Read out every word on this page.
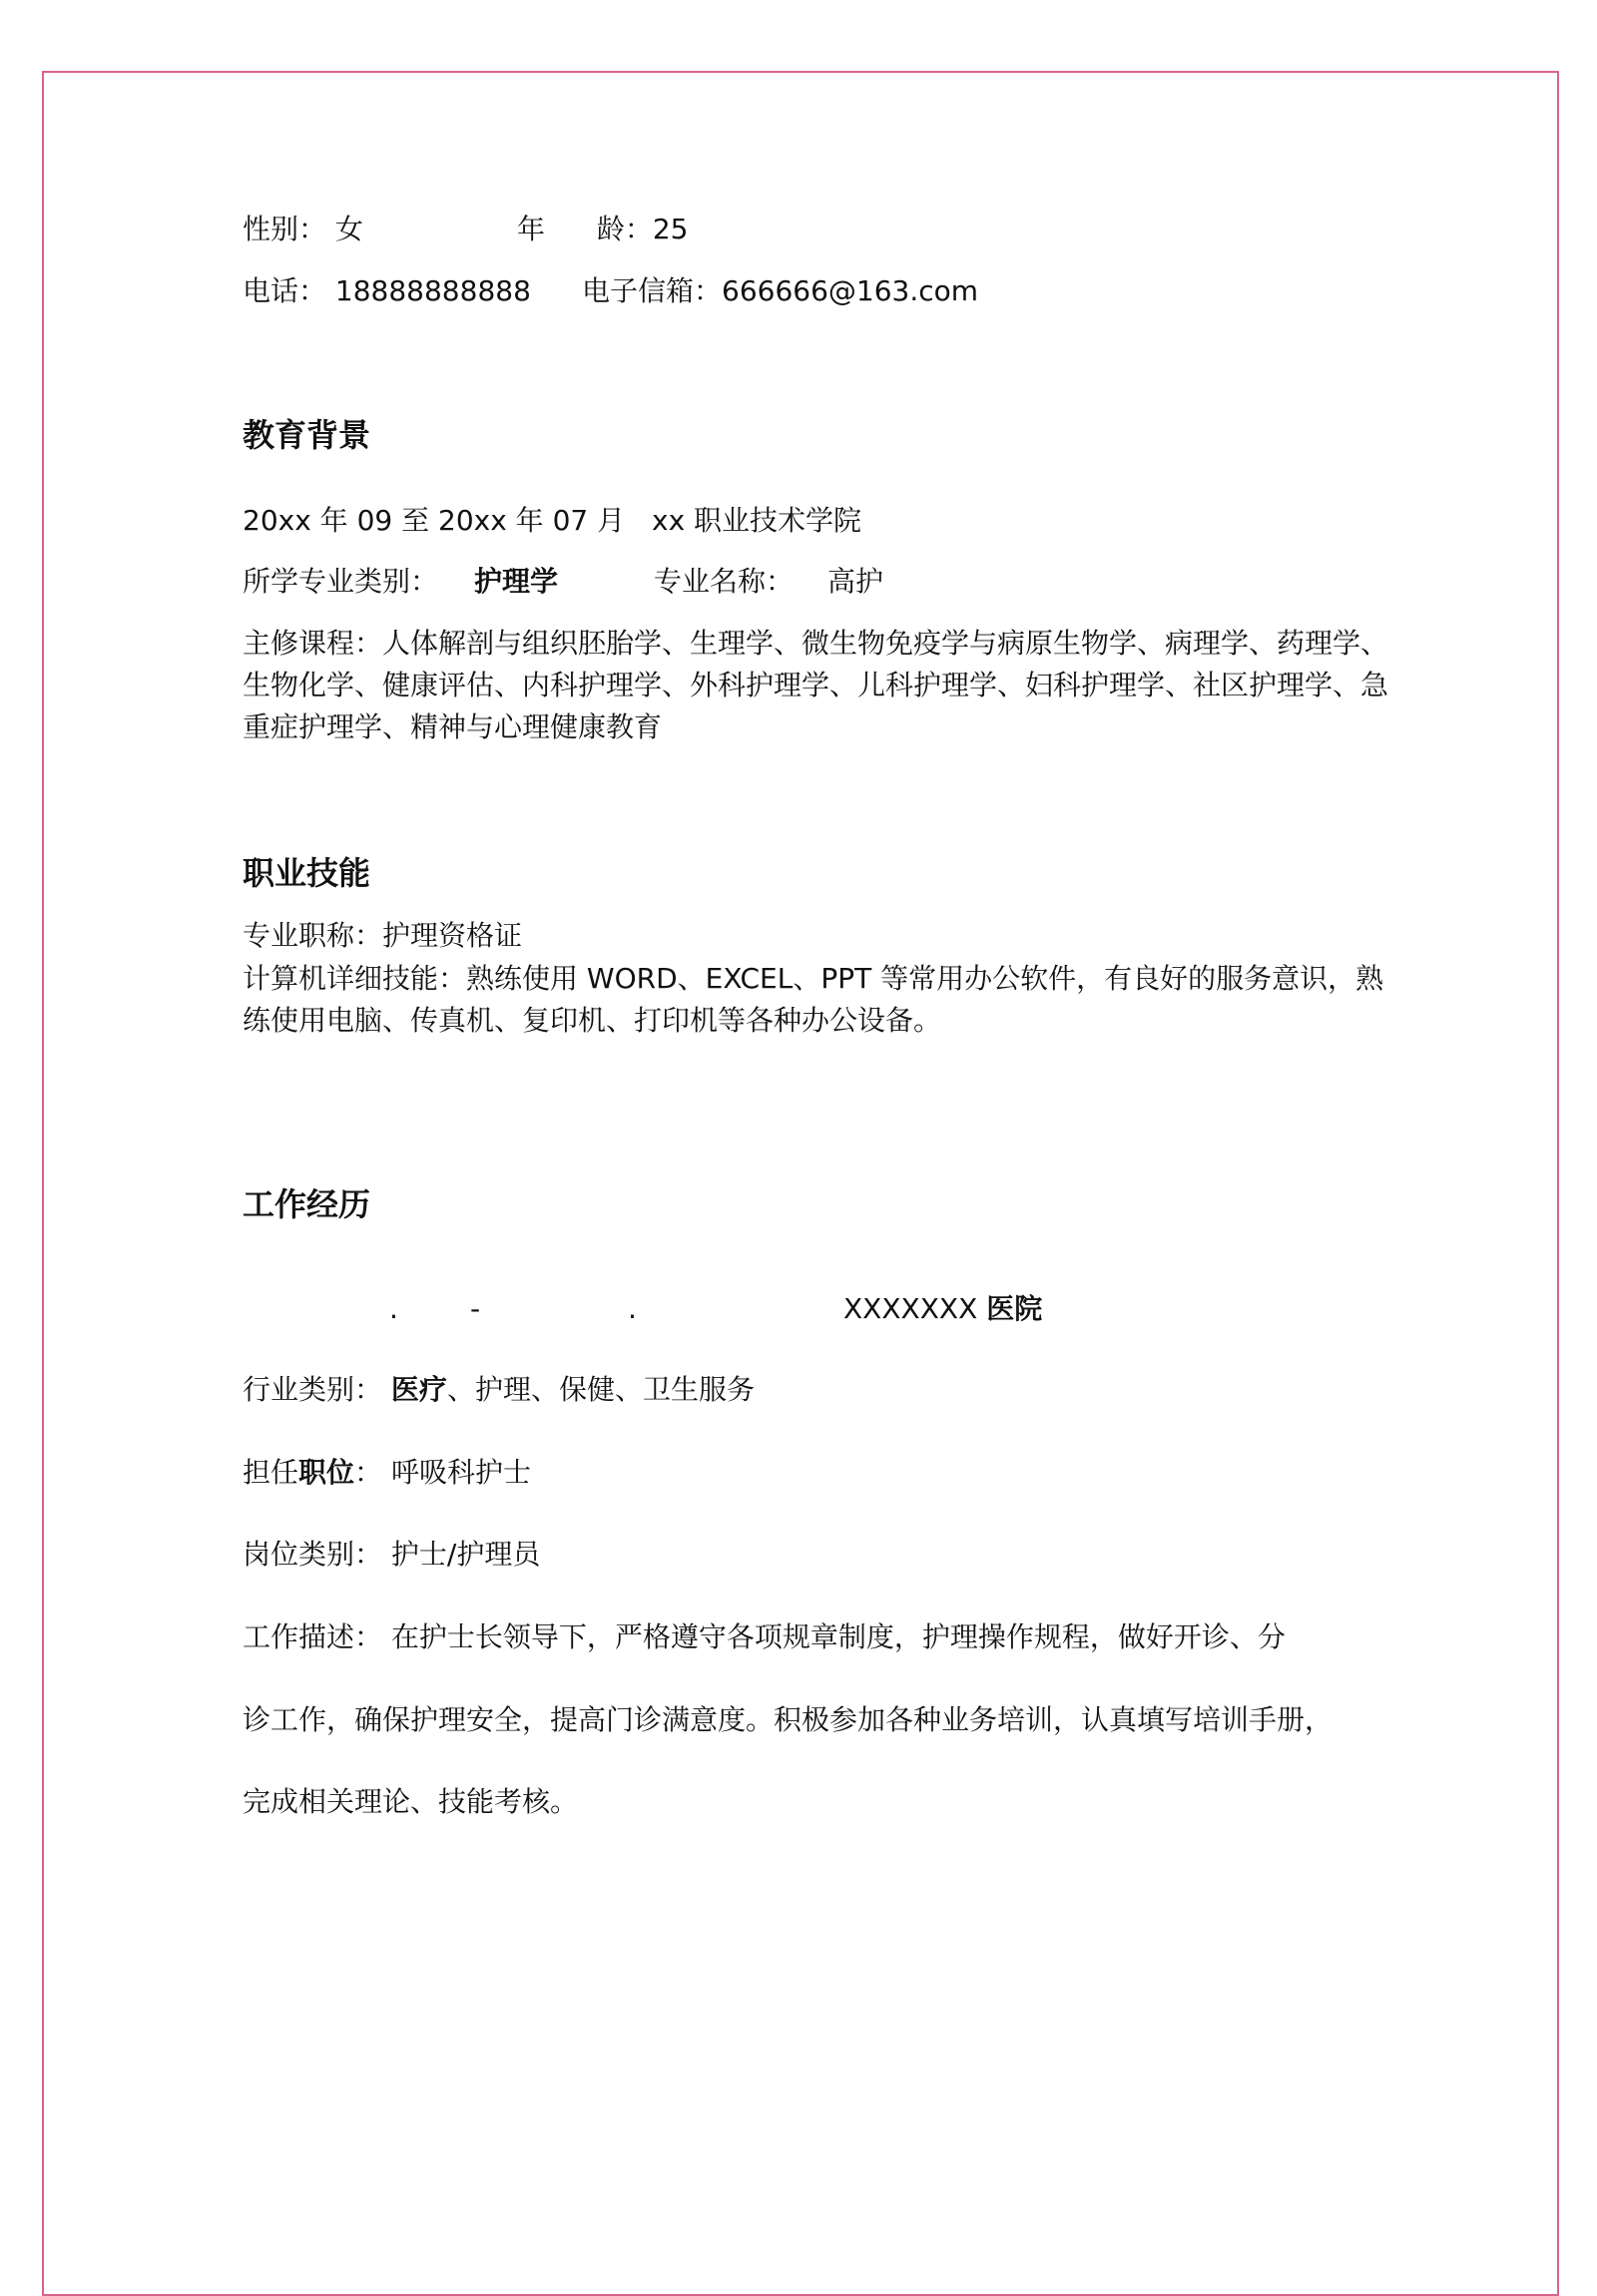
性别： 女	年 龄：25
电话： 18888888888 电子信箱：666666@163.com
教育背景
20xx 年 09 至 20xx 年 07 月 xx 职业技术学院
所学专业类别： 护理学	专业名称： 高护
主修课程：人体解剖与组织胚胎学、生理学、微生物免疫学与病原生物学、病理学、药理学、生物化学、健康评估、内科护理学、外科护理学、儿科护理学、妇科护理学、社区护理学、急重症护理学、精神与心理健康教育
职业技能
专业职称：护理资格证
计算机详细技能：熟练使用 WORD、EXCEL、PPT 等常用办公软件，有良好的服务意识，熟练使用电脑、传真机、复印机、打印机等各种办公设备。
工作经历
.	-	.	XXXXXXX 医院
行业类别： 医疗、护理、保健、卫生服务
担任职位： 呼吸科护士
岗位类别： 护士/护理员
工作描述： 在护士长领导下，严格遵守各项规章制度，护理操作规程，做好开诊、分
诊工作，确保护理安全，提高门诊满意度。积极参加各种业务培训，认真填写培训手册，
完成相关理论、技能考核。
